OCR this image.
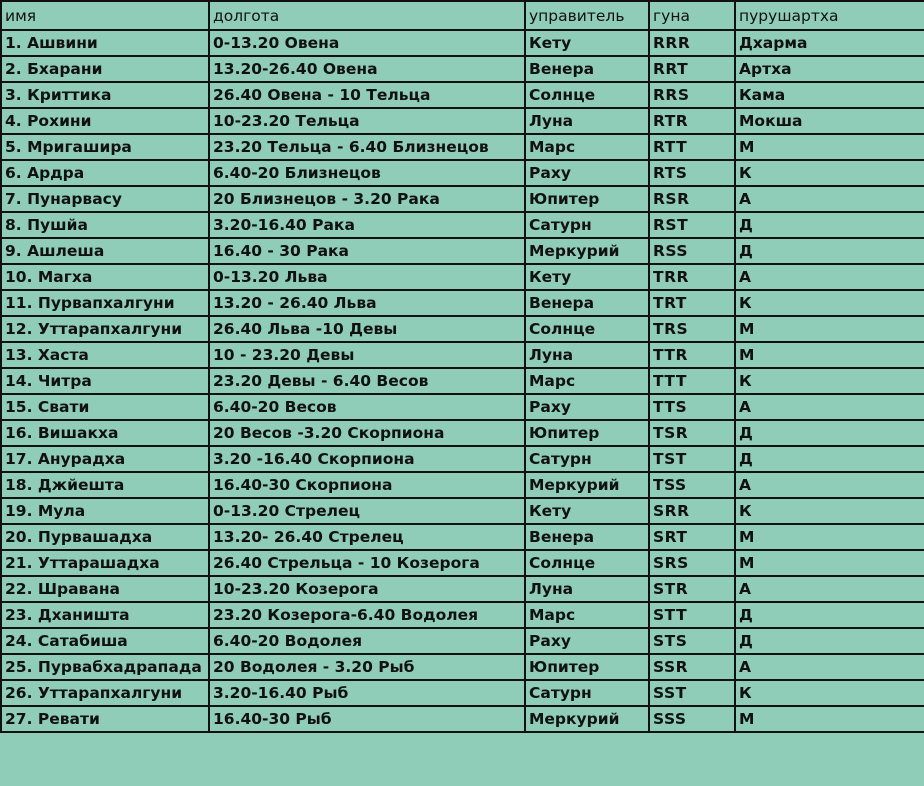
имя	долгота	управитель	гуна	пурушартха
1. Ашвини	0-13.20 Овена	Кету	RRR	Дхарма
2. Бхарани	13.20-26.40 Овена	Венера	RRT	Артха
3. Криттика	26.40 Овена - 10 Тельца	Солнце	RRS	Кама
4. Рохини	10-23.20 Тельца	Луна	RTR	Мокша
5. Мригашира	23.20 Тельца - 6.40 Близнецов	Марс	RTT	М
6. Ардра	6.40-20 Близнецов	Раху	RTS	К
7. Пунарвасу	20 Близнецов - 3.20 Рака	Юпитер	RSR	А
8. Пушйа	3.20-16.40 Рака	Сатурн	RST	Д
9. Ашлеша	16.40 - 30 Рака	Меркурий	RSS	Д
10. Магха	0-13.20 Льва	Кету	TRR	А
11. Пурвапхалгуни	13.20 - 26.40 Льва	Венера	TRT	К
12. Уттарапхалгуни	26.40 Льва -10 Девы	Солнце	TRS	М
13. Хаста	10 - 23.20 Девы	Луна	TTR	М
14. Читра	23.20 Девы - 6.40 Весов	Марс	TTT	К
15. Свати	6.40-20 Весов	Раху	TTS	А
16. Вишакха	20 Весов -3.20 Скорпиона	Юпитер	TSR	Д
17. Анурадха	3.20 -16.40 Скорпиона	Сатурн	TST	Д
18. Джйешта	16.40-30 Скорпиона	Меркурий	TSS	А
19. Мула	0-13.20 Стрелец	Кету	SRR	К
20. Пурвашадха	13.20- 26.40 Стрелец	Венера	SRT	М
21. Уттарашадха	26.40 Стрельца - 10 Козерога	Солнце	SRS	М
22. Шравана	10-23.20 Козерога	Луна	STR	А
23. Дханишта	23.20 Козерога-6.40 Водолея	Марс	STT	Д
24. Сатабиша	6.40-20 Водолея	Раху	STS	Д
25. Пурвабхадрапада	20 Водолея - 3.20 Рыб	Юпитер	SSR	А
26. Уттарапхалгуни	3.20-16.40 Рыб	Сатурн	SST	К
27. Ревати	16.40-30 Рыб	Меркурий	SSS	М
